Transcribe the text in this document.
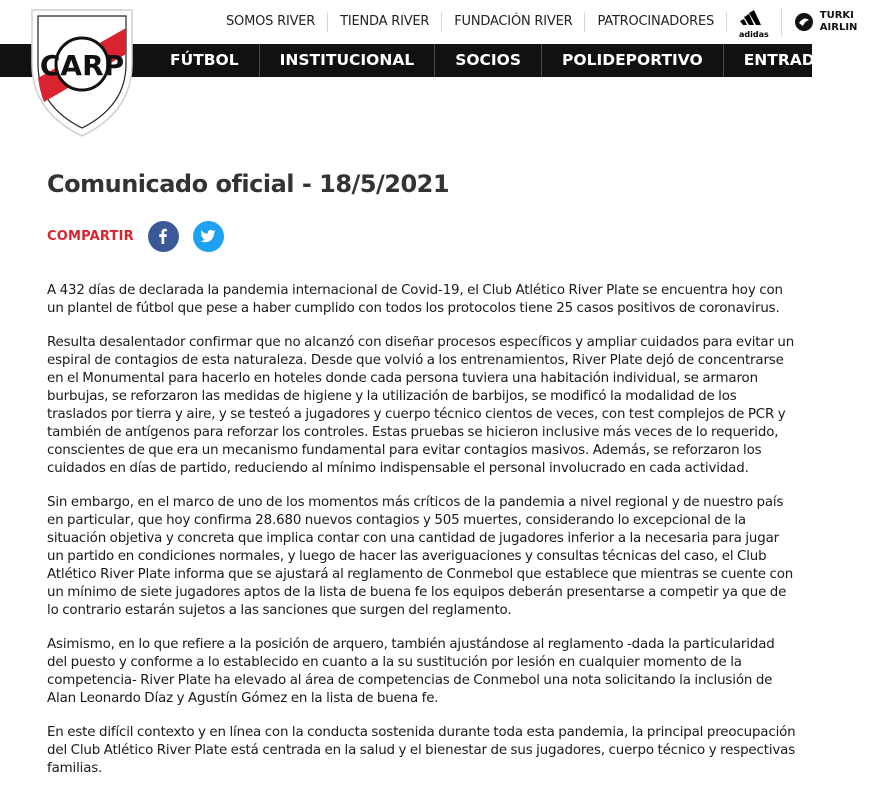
SOMOS RIVER	TIENDA RIVER	FUNDACIÓN RIVER	PATROCINADORES
adidas
TURKI
AIRLIN
FÚTBOL	INSTITUCIONAL	SOCIOS	POLIDEPORTIVO	ENTRADAS
CARP
Comunicado oficial - 18/5/2021
COMPARTIR

A 432 días de declarada la pandemia internacional de Covid-19, el Club Atlético River Plate se encuentra hoy con un plantel de fútbol que pese a haber cumplido con todos los protocolos tiene 25 casos positivos de coronavirus.

Resulta desalentador confirmar que no alcanzó con diseñar procesos específicos y ampliar cuidados para evitar un espiral de contagios de esta naturaleza. Desde que volvió a los entrenamientos, River Plate dejó de concentrarse en el Monumental para hacerlo en hoteles donde cada persona tuviera una habitación individual, se armaron burbujas, se reforzaron las medidas de higiene y la utilización de barbijos, se modificó la modalidad de los traslados por tierra y aire, y se testeó a jugadores y cuerpo técnico cientos de veces, con test complejos de PCR y también de antígenos para reforzar los controles. Estas pruebas se hicieron inclusive más veces de lo requerido, conscientes de que era un mecanismo fundamental para evitar contagios masivos. Además, se reforzaron los cuidados en días de partido, reduciendo al mínimo indispensable el personal involucrado en cada actividad.

Sin embargo, en el marco de uno de los momentos más críticos de la pandemia a nivel regional y de nuestro país en particular, que hoy confirma 28.680 nuevos contagios y 505 muertes, considerando lo excepcional de la situación objetiva y concreta que implica contar con una cantidad de jugadores inferior a la necesaria para jugar un partido en condiciones normales, y luego de hacer las averiguaciones y consultas técnicas del caso, el Club Atlético River Plate informa que se ajustará al reglamento de Conmebol que establece que mientras se cuente con un mínimo de siete jugadores aptos de la lista de buena fe los equipos deberán presentarse a competir ya que de lo contrario estarán sujetos a las sanciones que surgen del reglamento.

Asimismo, en lo que refiere a la posición de arquero, también ajustándose al reglamento -dada la particularidad del puesto y conforme a lo establecido en cuanto a la su sustitución por lesión en cualquier momento de la competencia- River Plate ha elevado al área de competencias de Conmebol una nota solicitando la inclusión de Alan Leonardo Díaz y Agustín Gómez en la lista de buena fe.

En este difícil contexto y en línea con la conducta sostenida durante toda esta pandemia, la principal preocupación del Club Atlético River Plate está centrada en la salud y el bienestar de sus jugadores, cuerpo técnico y respectivas familias.
